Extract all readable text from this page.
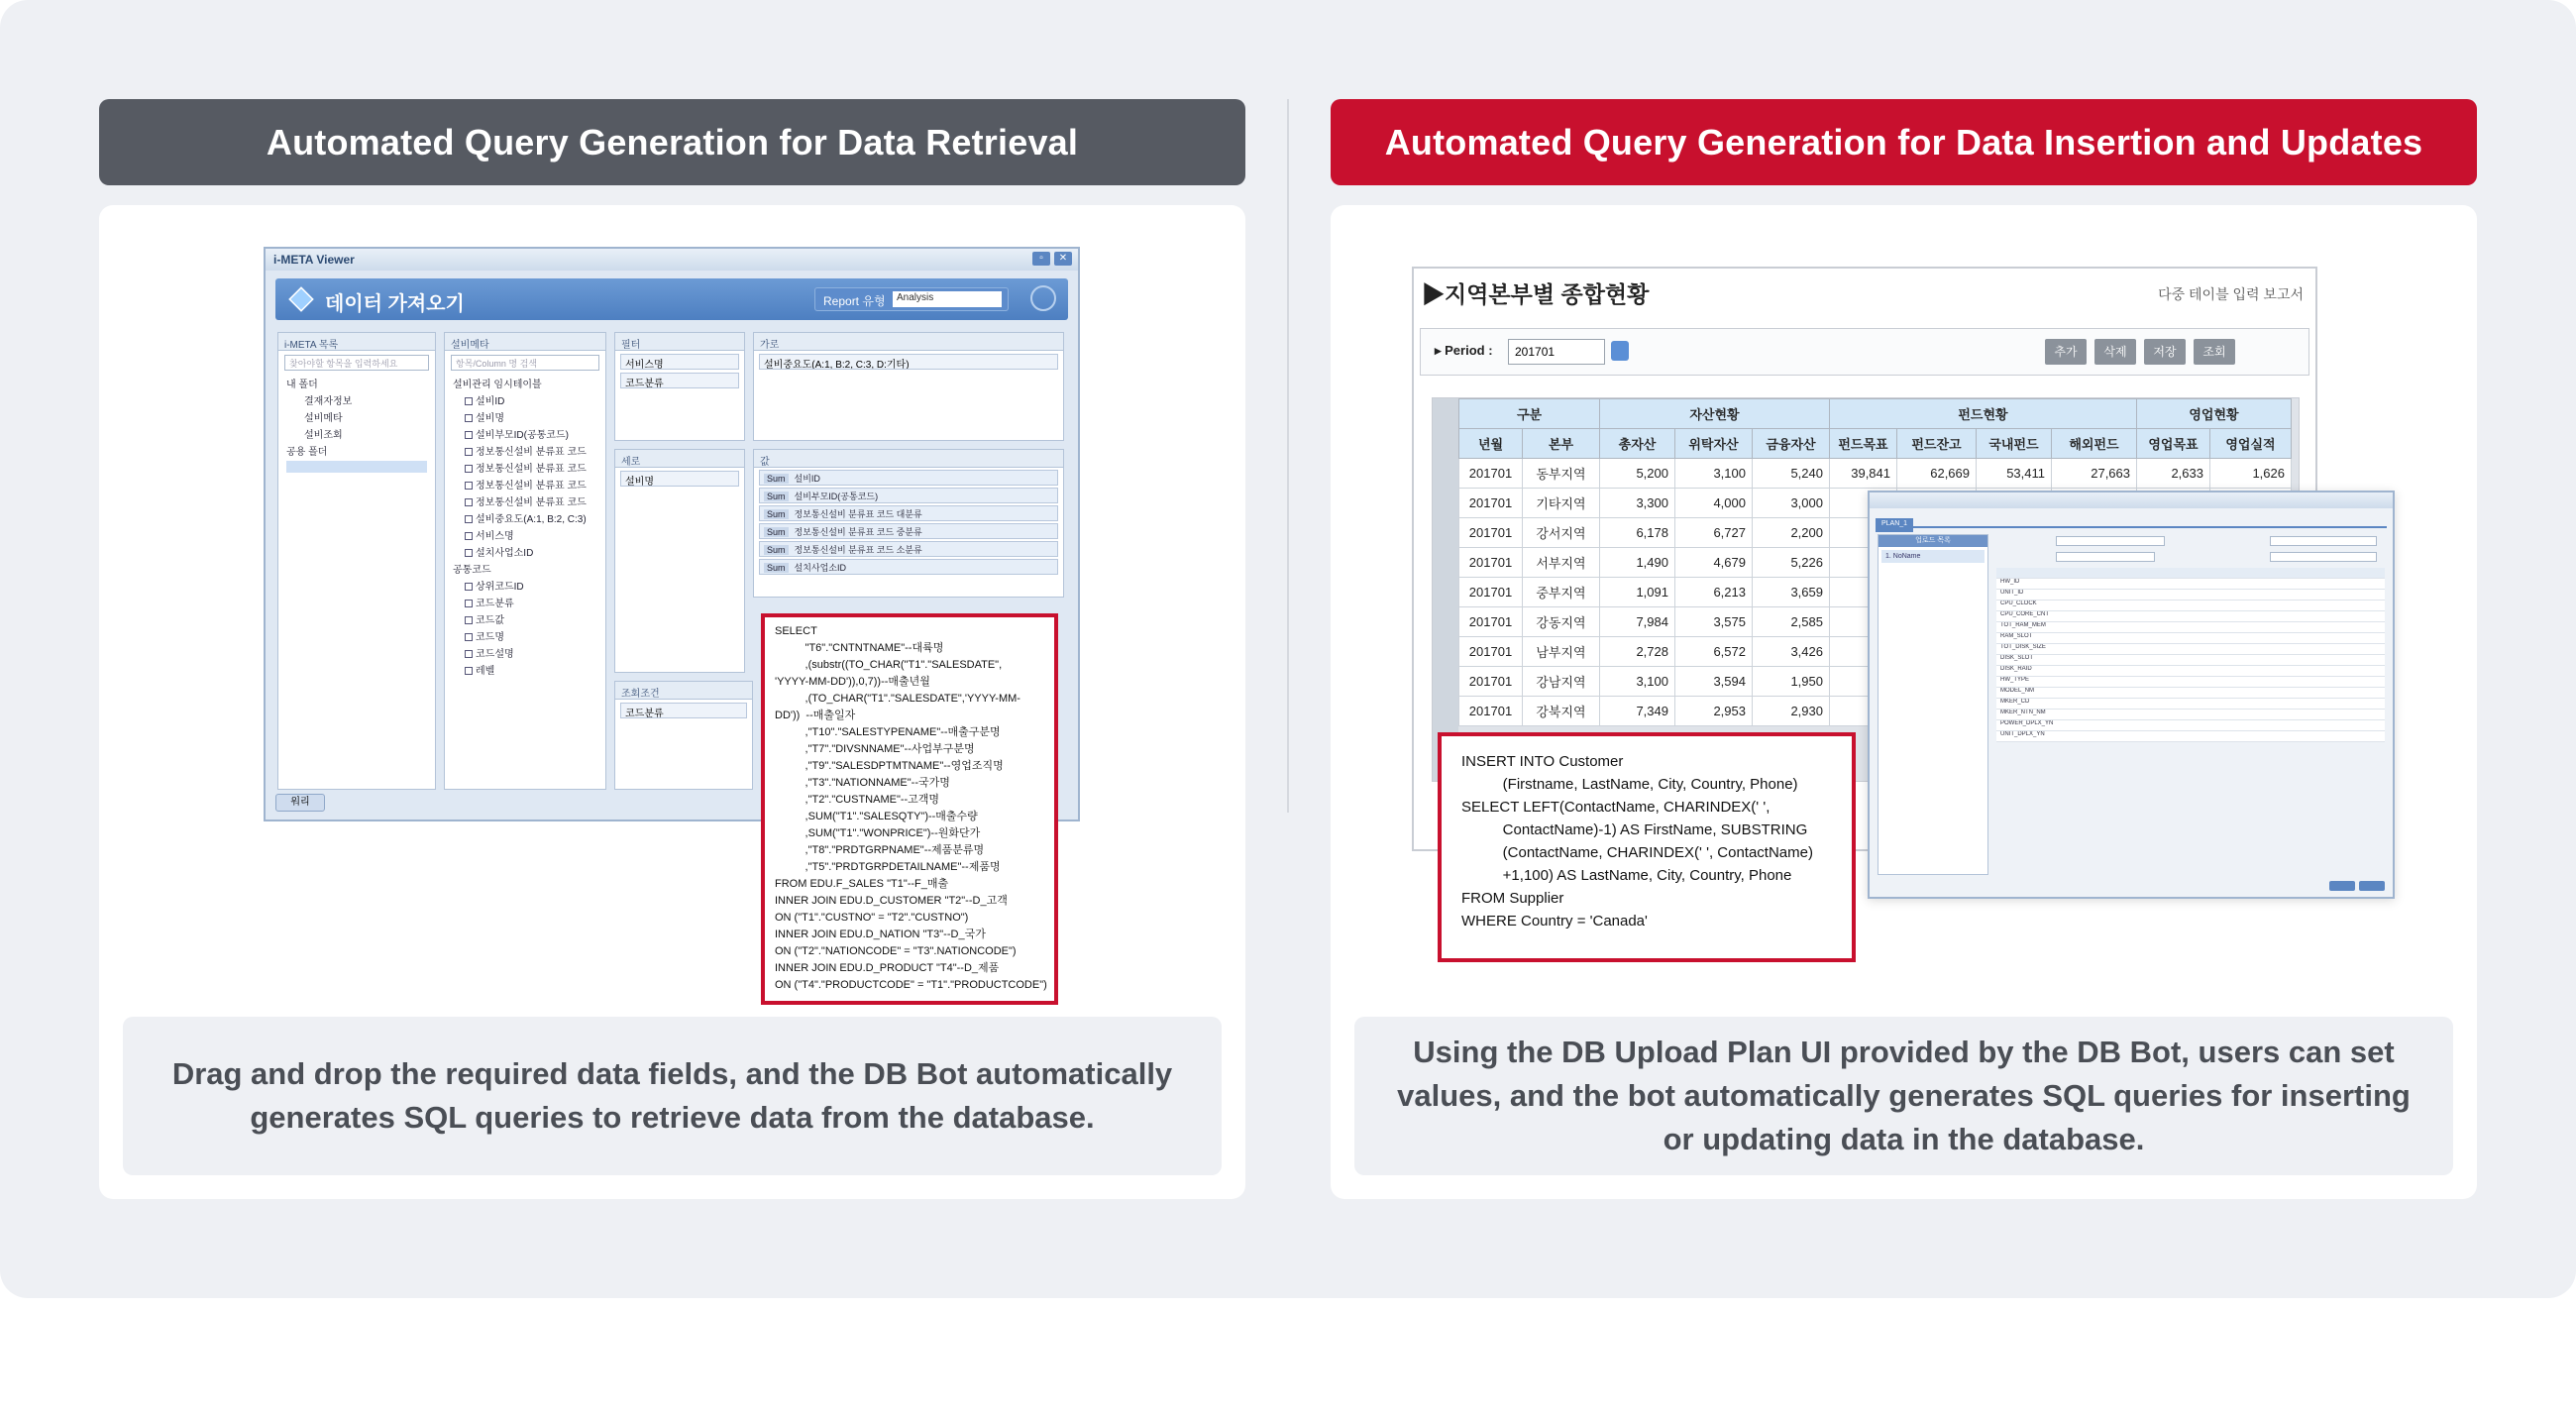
Automated Query Generation for Data Retrieval
i-META Viewer	▫	✕
데이터 가져오기	Report 유형	Analysis
i-META 목록
찾아야할 항목을 입력하세요
내 폴더
결재자정보
설비메타
설비조회
공용 폴더
설비메타
항목/Column 명 검색
설비관리 임시테이블
설비ID
설비명
설비부모ID(공통코드)
정보통신설비 분류표 코드
정보통신설비 분류표 코드
정보통신설비 분류표 코드
정보통신설비 분류표 코드
설비중요도(A:1, B:2, C:3)
서비스명
설치사업소ID
공통코드
상위코드ID
코드분류
코드값
코드명
코드설명
레벨
필터
서비스명
코드분류
가로
설비중요도(A:1, B:2, C:3, D:기타)
세로
설비명
값
Sum 설비ID
Sum 설비부모ID(공통코드)
Sum 정보통신설비 분류표 코드 대분류
Sum 정보통신설비 분류표 코드 중분류
Sum 정보통신설비 분류표 코드 소분류
Sum 설치사업소ID
조회조건
코드분류
워리
SELECT
"T6"."CNTNTNAME"--대륙명
,(substr((TO_CHAR("T1"."SALESDATE",
'YYYY-MM-DD')),0,7))--매출년월
,(TO_CHAR("T1"."SALESDATE",'YYYY-MM-
DD'))  --매출일자
,"T10"."SALESTYPENAME"--매출구분명
,"T7"."DIVSNNAME"--사업부구분명
,"T9"."SALESDPTMTNAME"--영업조직명
,"T3"."NATIONNAME"--국가명
,"T2"."CUSTNAME"--고객명
,SUM("T1"."SALESQTY")--매출수량
,SUM("T1"."WONPRICE")--원화단가
,"T8"."PRDTGRPNAME"--제품분류명
,"T5"."PRDTGRPDETAILNAME"--제품명
FROM EDU.F_SALES "T1"--F_매출
INNER JOIN EDU.D_CUSTOMER "T2"--D_고객
ON ("T1"."CUSTNO" = "T2"."CUSTNO")
INNER JOIN EDU.D_NATION "T3"--D_국가
ON ("T2"."NATIONCODE" = "T3".NATIONCODE")
INNER JOIN EDU.D_PRODUCT "T4"--D_제품
ON ("T4"."PRODUCTCODE" = "T1"."PRODUCTCODE")
Drag and drop the required data fields, and the DB Bot automatically generates SQL queries to retrieve data from the database.
Automated Query Generation for Data Insertion and Updates
▶지역본부별 종합현황	다중 테이블 입력 보고서
▸ Period :	201701	추가	삭제	저장	조회
구분		자산현황			펀드현황				영업현황	
년월	본부	총자산	위탁자산	금융자산	펀드목표	펀드잔고	국내펀드	해외펀드	영업목표	영업실적
201701	동부지역	5,200	3,100	5,240	39,841	62,669	53,411	27,663	2,633	1,626
201701	기타지역	3,300	4,000	3,000						
201701	강서지역	6,178	6,727	2,200						
201701	서부지역	1,490	4,679	5,226						
201701	중부지역	1,091	6,213	3,659						
201701	강동지역	7,984	3,575	2,585						
201701	남부지역	2,728	6,572	3,426						
201701	강남지역	3,100	3,594	1,950						
201701	강북지역	7,349	2,953	2,930						
INSERT INTO Customer
(Firstname, LastName, City, Country, Phone)
SELECT LEFT(ContactName, CHARINDEX(' ',
ContactName)-1) AS FirstName, SUBSTRING
(ContactName, CHARINDEX(' ', ContactName)
+1,100) AS LastName, City, Country, Phone
FROM Supplier
WHERE Country = 'Canada'
PLAN_1
업로드 목록
1. NoName
HW_ID
UNIT_ID
CPU_CLOCK
CPU_CORE_CNT
TOT_RAM_MEM
RAM_SLOT
TOT_DISK_SIZE
DISK_SLOT
DISK_RAID
HW_TYPE
MODEL_NM
MKER_CD
MKER_NTN_NM
POWER_DPLX_YN
UNIT_DPLX_YN
Using the DB Upload Plan UI provided by the DB Bot, users can set values, and the bot automatically generates SQL queries for inserting or updating data in the database.
